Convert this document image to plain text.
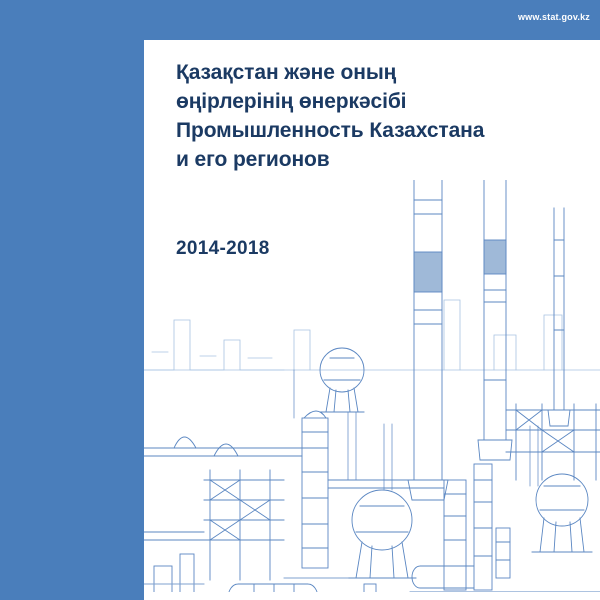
www.stat.gov.kz
Қазақстан және оның
өңірлерінің өнеркәсібі
Промышленность Казахстана
и его регионов
2014-2018
